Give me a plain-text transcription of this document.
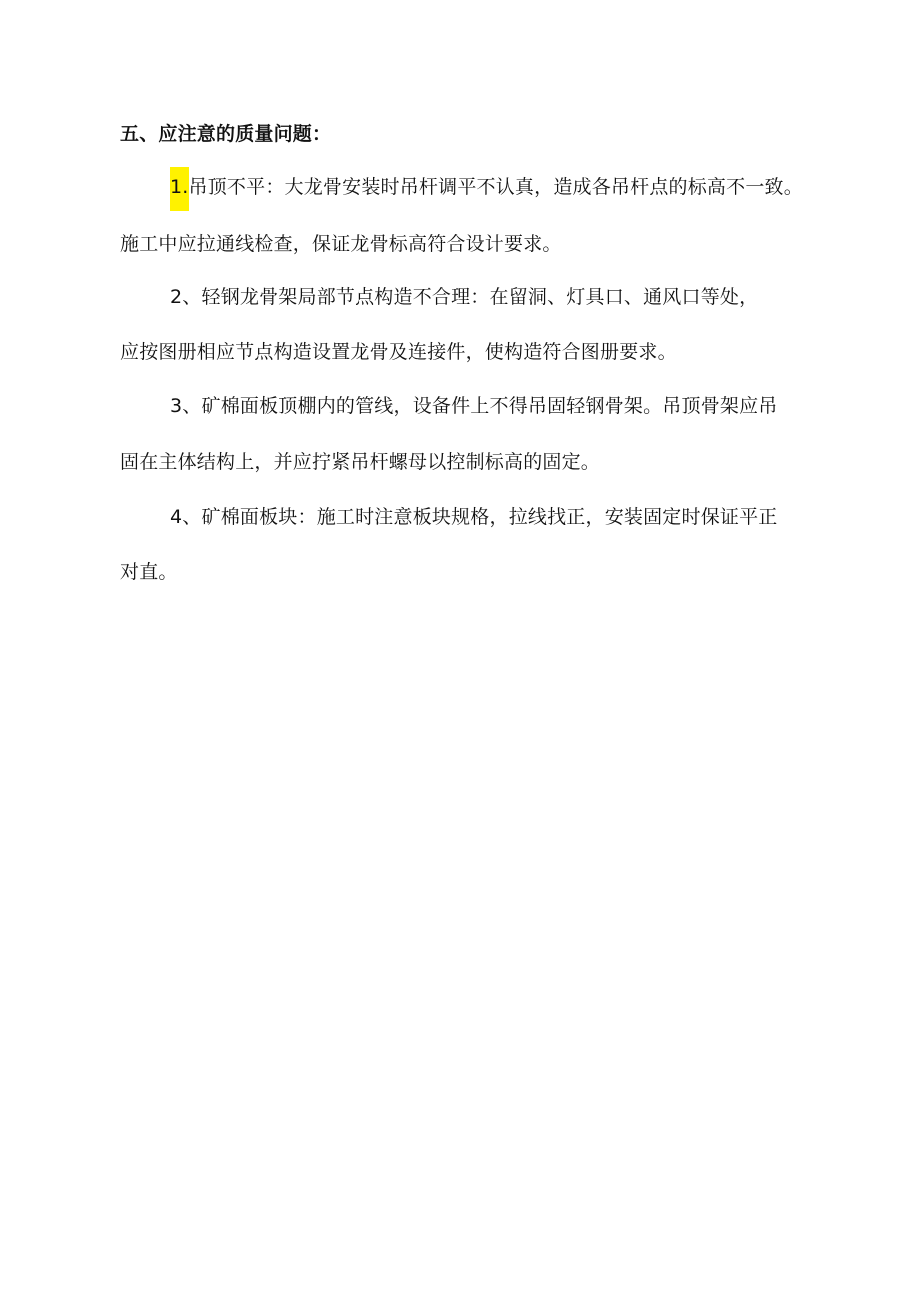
五、应注意的质量问题：
1.吊顶不平：大龙骨安装时吊杆调平不认真，造成各吊杆点的标高不一致。
施工中应拉通线检查，保证龙骨标高符合设计要求。
2、轻钢龙骨架局部节点构造不合理：在留洞、灯具口、通风口等处，
应按图册相应节点构造设置龙骨及连接件，使构造符合图册要求。
3、矿棉面板顶棚内的管线，设备件上不得吊固轻钢骨架。吊顶骨架应吊
固在主体结构上，并应拧紧吊杆螺母以控制标高的固定。
4、矿棉面板块：施工时注意板块规格，拉线找正，安装固定时保证平正
对直。
